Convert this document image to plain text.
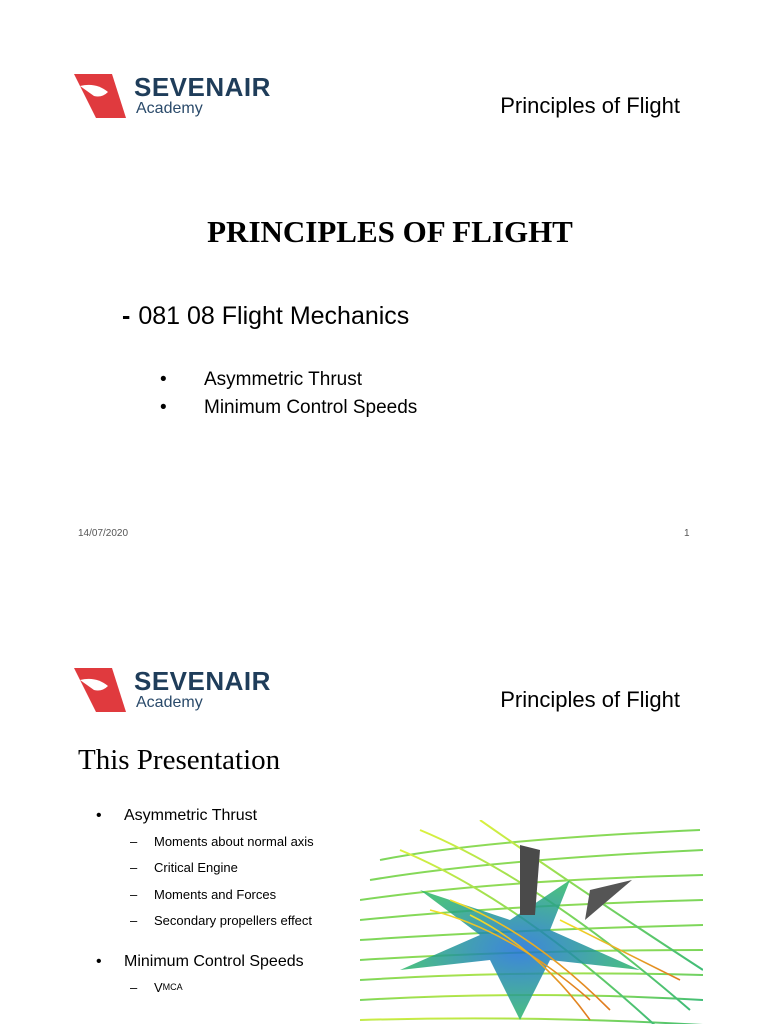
SEVENAIR
Academy	Principles of Flight
PRINCIPLES OF FLIGHT
- 081 08 Flight Mechanics
•	Asymmetric Thrust
•	Minimum Control Speeds
14/07/2020	1
SEVENAIR
Academy	Principles of Flight
This Presentation
•	Asymmetric Thrust
–	Moments about normal axis
–	Critical Engine
–	Moments and Forces
–	Secondary propellers effect
•	Minimum Control Speeds
–	V MCA
